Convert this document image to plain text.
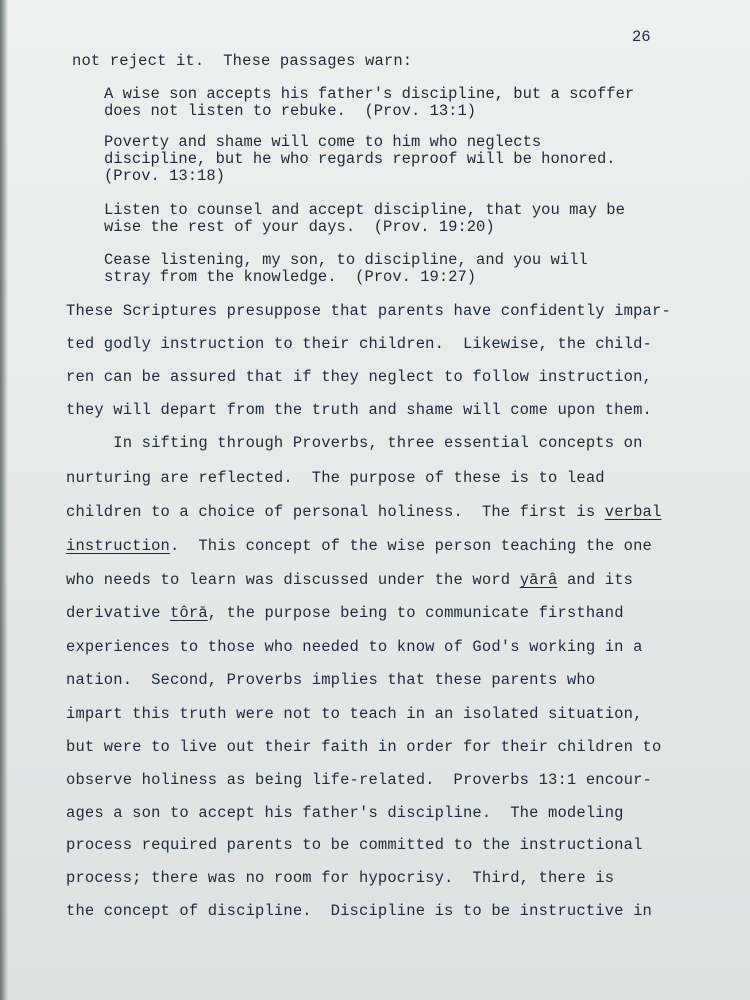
26
not reject it.  These passages warn:
A wise son accepts his father's discipline, but a scoffer
does not listen to rebuke.  (Prov. 13:1)
Poverty and shame will come to him who neglects
discipline, but he who regards reproof will be honored.
(Prov. 13:18)
Listen to counsel and accept discipline, that you may be
wise the rest of your days.  (Prov. 19:20)
Cease listening, my son, to discipline, and you will
stray from the knowledge.  (Prov. 19:27)
These Scriptures presuppose that parents have confidently impar-
ted godly instruction to their children.  Likewise, the child-
ren can be assured that if they neglect to follow instruction,
they will depart from the truth and shame will come upon them.
In sifting through Proverbs, three essential concepts on
nurturing are reflected.  The purpose of these is to lead
children to a choice of personal holiness.  The first is verbal
instruction.  This concept of the wise person teaching the one
who needs to learn was discussed under the word yārâ and its
derivative tôrā, the purpose being to communicate firsthand
experiences to those who needed to know of God's working in a
nation.  Second, Proverbs implies that these parents who
impart this truth were not to teach in an isolated situation,
but were to live out their faith in order for their children to
observe holiness as being life-related.  Proverbs 13:1 encour-
ages a son to accept his father's discipline.  The modeling
process required parents to be committed to the instructional
process; there was no room for hypocrisy.  Third, there is
the concept of discipline.  Discipline is to be instructive in
